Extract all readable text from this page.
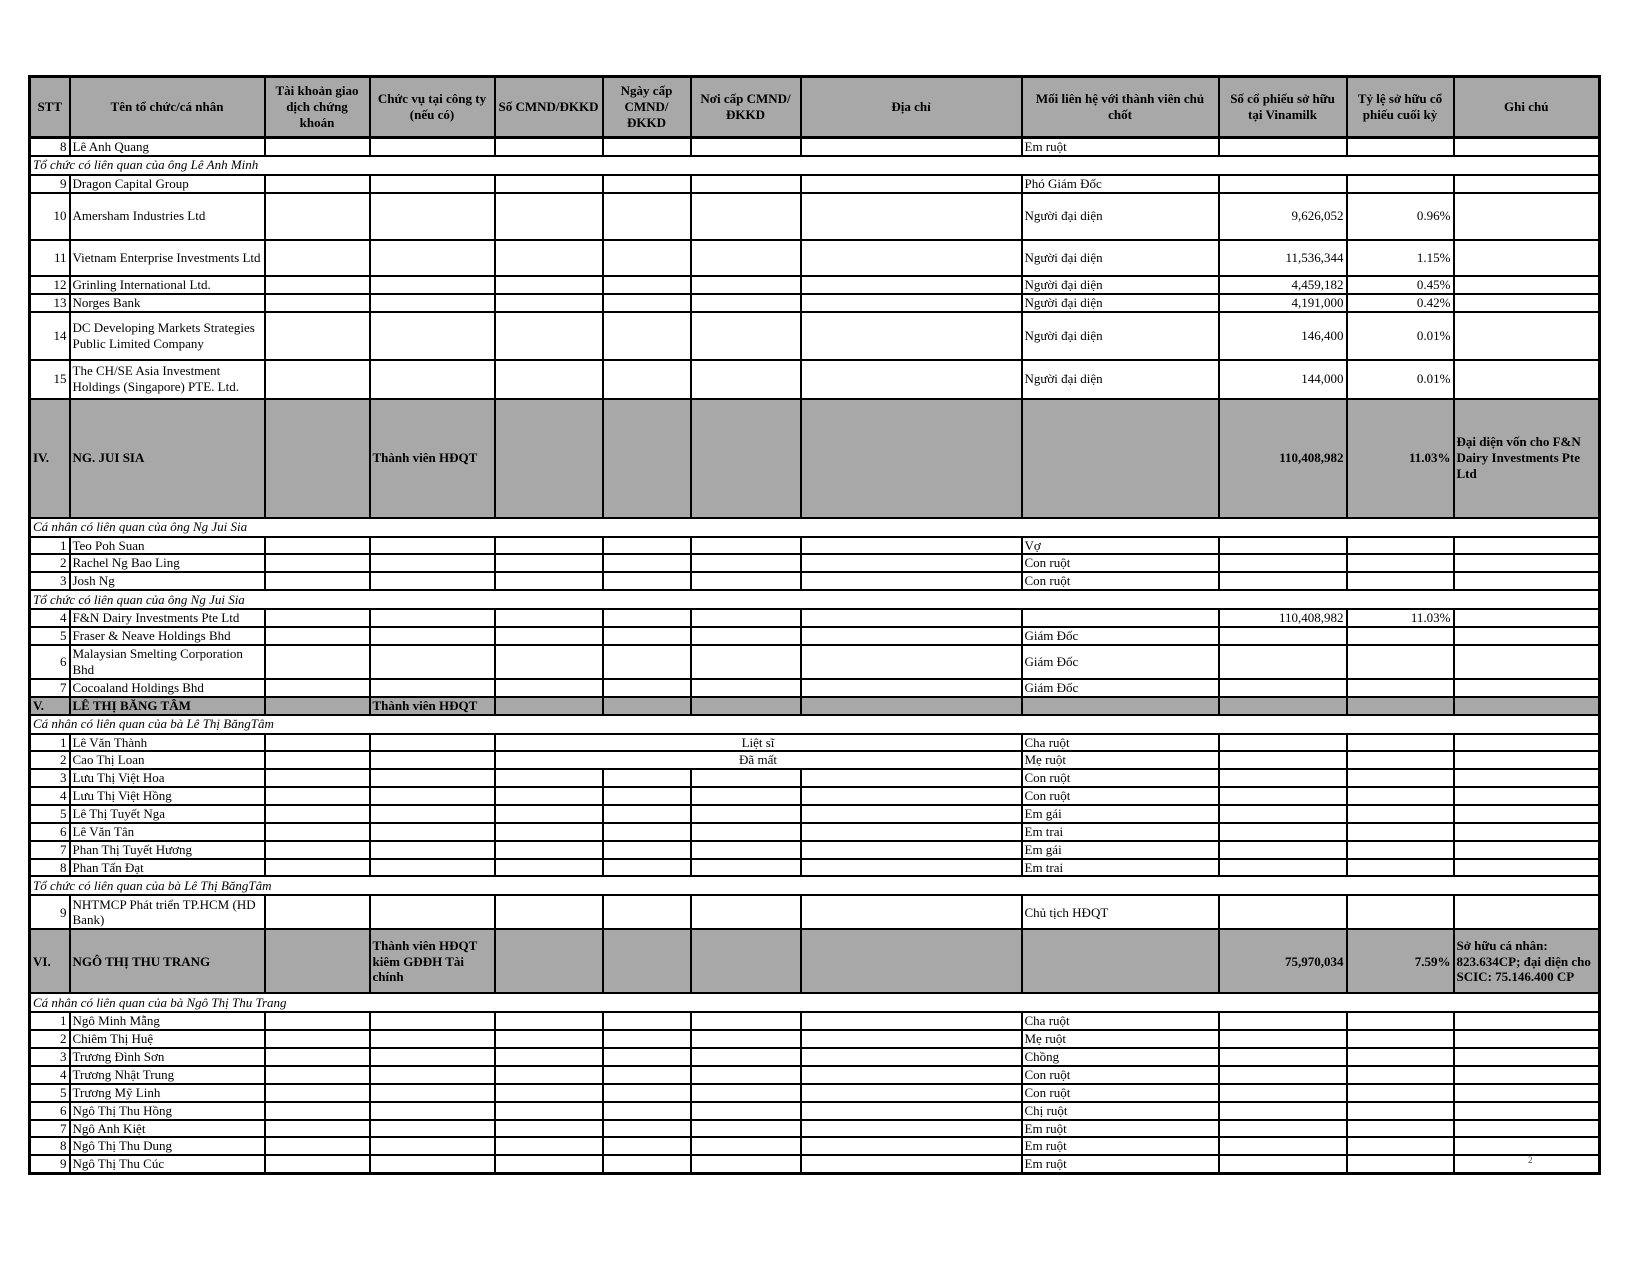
STT	Tên tổ chức/cá nhân	Tài khoản giao dịch chứng khoán	Chức vụ tại công ty (nếu có)	Số CMND/ĐKKD	Ngày cấp CMND/ĐKKD	Nơi cấp CMND/ĐKKD	Địa chỉ	Mối liên hệ với thành viên chủ chốt	Số cổ phiếu sở hữu tại Vinamilk	Tỷ lệ sở hữu cổ phiếu cuối kỳ	Ghi chú
8	Lê Anh Quang							Em ruột			
Tổ chức có liên quan của ông Lê Anh Minh											
9	Dragon Capital Group							Phó Giám Đốc			
10	Amersham Industries Ltd							Người đại diện	9,626,052	0.96%	
11	Vietnam Enterprise Investments Ltd							Người đại diện	11,536,344	1.15%	
12	Grinling International Ltd.							Người đại diện	4,459,182	0.45%	
13	Norges Bank							Người đại diện	4,191,000	0.42%	
14	DC Developing Markets Strategies Public Limited Company							Người đại diện	146,400	0.01%	
15	The CH/SE Asia Investment Holdings (Singapore) PTE. Ltd.							Người đại diện	144,000	0.01%	
IV.	NG. JUI SIA		Thành viên HĐQT						110,408,982	11.03%	Đại diện vốn cho F&N Dairy Investments Pte Ltd
Cá nhân có liên quan của ông Ng Jui Sia											
1	Teo Poh Suan							Vợ			
2	Rachel Ng Bao Ling							Con ruột			
3	Josh Ng							Con ruột			
Tổ chức có liên quan của ông Ng Jui Sia											
4	F&N Dairy Investments Pte Ltd								110,408,982	11.03%	
5	Fraser & Neave Holdings Bhd							Giám Đốc			
6	Malaysian Smelting Corporation Bhd							Giám Đốc			
7	Cocoaland Holdings Bhd							Giám Đốc			
V.	LÊ THỊ BĂNG TÂM		Thành viên HĐQT								
Cá nhân có liên quan của bà Lê Thị BăngTâm											
1	Lê Văn Thành			Liệt sĩ				Cha ruột			
2	Cao Thị Loan			Đã mất				Mẹ ruột			
3	Lưu Thị Việt Hoa							Con ruột			
4	Lưu Thị Việt Hồng							Con ruột			
5	Lê Thị Tuyết Nga							Em gái			
6	Lê Văn Tân							Em trai			
7	Phan Thị Tuyết Hương							Em gái			
8	Phan Tấn Đạt							Em trai			
Tổ chức có liên quan của bà Lê Thị BăngTâm											
9	NHTMCP Phát triển TP.HCM (HD Bank)							Chủ tịch HĐQT			
VI.	NGÔ THỊ THU TRANG		Thành viên HĐQT kiêm GĐĐH Tài chính						75,970,034	7.59%	Sở hữu cá nhân: 823.634CP; đại diện cho SCIC: 75.146.400 CP
Cá nhân có liên quan của bà Ngô Thị Thu Trang											
1	Ngô Minh Mẫng							Cha ruột			
2	Chiêm Thị Huệ							Mẹ ruột			
3	Trương Đình Sơn							Chồng			
4	Trương Nhật Trung							Con ruột			
5	Trương Mỹ Linh							Con ruột			
6	Ngô Thị Thu Hồng							Chị ruột			
7	Ngô Anh Kiệt							Em ruột			
8	Ngô Thị Thu Dung							Em ruột			
9	Ngô Thị Thu Cúc							Em ruột				2
